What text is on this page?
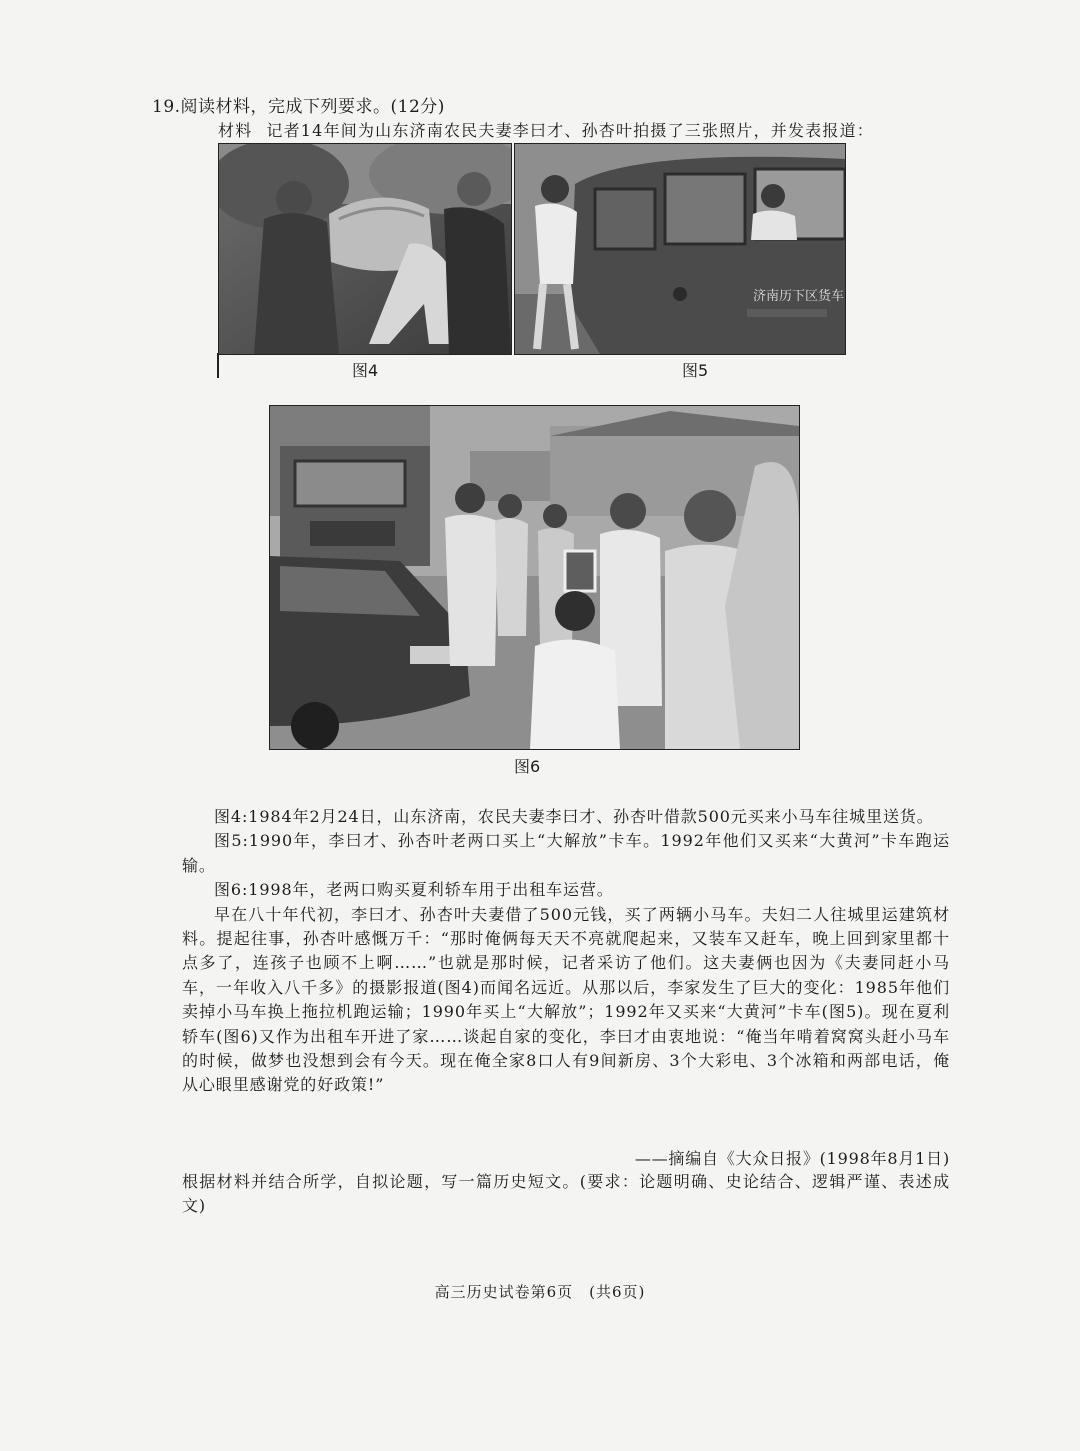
19.阅读材料，完成下列要求。(12分)
材料 记者14年间为山东济南农民夫妻李曰才、孙杏叶拍摄了三张照片，并发表报道：
济南历下区货车
图4	图5
图6

图4:1984年2月24日，山东济南，农民夫妻李曰才、孙杏叶借款500元买来小马车往城里送货。

图5:1990年，李曰才、孙杏叶老两口买上“大解放”卡车。1992年他们又买来“大黄河”卡车跑运输。

图6:1998年，老两口购买夏利轿车用于出租车运营。

早在八十年代初，李曰才、孙杏叶夫妻借了500元钱，买了两辆小马车。夫妇二人往城里运建筑材料。提起往事，孙杏叶感慨万千：“那时俺俩每天天不亮就爬起来，又装车又赶车，晚上回到家里都十点多了，连孩子也顾不上啊……”也就是那时候，记者采访了他们。这夫妻俩也因为《夫妻同赶小马车，一年收入八千多》的摄影报道(图4)而闻名远近。从那以后，李家发生了巨大的变化：1985年他们卖掉小马车换上拖拉机跑运输；1990年买上“大解放”；1992年又买来“大黄河”卡车(图5)。现在夏利轿车(图6)又作为出租车开进了家……谈起自家的变化，李曰才由衷地说：“俺当年啃着窝窝头赶小马车的时候，做梦也没想到会有今天。现在俺全家8口人有9间新房、3个大彩电、3个冰箱和两部电话，俺从心眼里感谢党的好政策!”

——摘编自《大众日报》(1998年8月1日)
根据材料并结合所学，自拟论题，写一篇历史短文。(要求：论题明确、史论结合、逻辑严谨、表述成文)
高三历史试卷第6页　(共6页)
